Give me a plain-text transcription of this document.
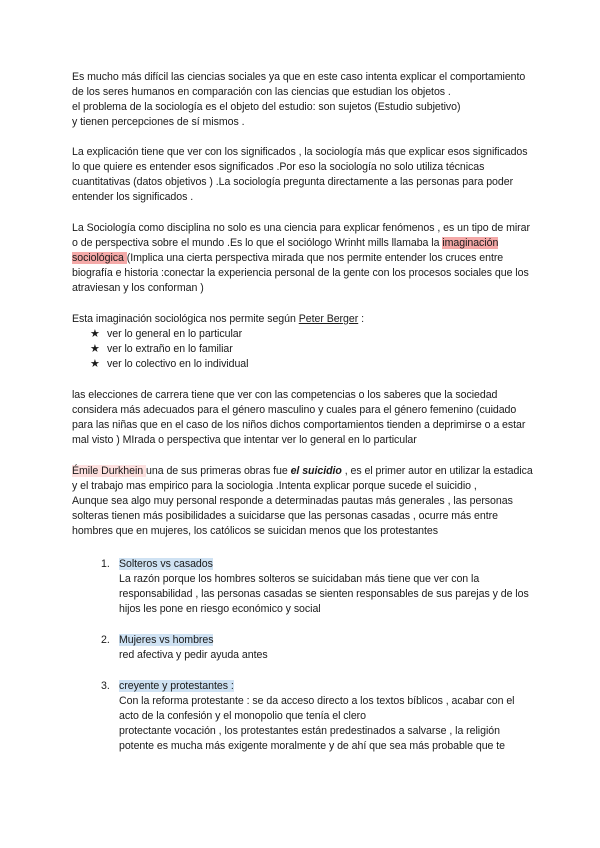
Es mucho más difícil las ciencias sociales ya que en este caso intenta explicar el comportamiento de los seres humanos en comparación con las ciencias que estudian los objetos .
el problema de la sociología es el objeto del estudio: son sujetos (Estudio subjetivo)
y tienen percepciones de sí mismos .

La explicación tiene que ver con los significados , la sociología más que explicar esos significados lo que quiere es entender esos significados .Por eso la sociología no solo utiliza técnicas cuantitativas (datos objetivos ) .La sociología pregunta directamente a las personas para poder entender los significados .

La Sociología como disciplina no solo es una ciencia para explicar fenómenos , es un tipo de mirar o de perspectiva sobre el mundo .Es lo que el sociólogo Wrinht mills llamaba la imaginación sociológica (Implica una cierta perspectiva mirada que nos permite entender los cruces entre biografía e historia :conectar la experiencia personal de la gente con los procesos sociales que los atraviesan y los conforman )

Esta imaginación sociológica nos permite según Peter Berger :

★ ver lo general en lo particular
★ ver lo extraño en lo familiar
★ ver lo colectivo en lo individual

las elecciones de carrera tiene que ver con las competencias o los saberes que la sociedad considera más adecuados para el género masculino y cuales para el género femenino (cuidado para las niñas que en el caso de los niños dichos comportamientos tienden a deprimirse o a estar mal visto ) MIrada o perspectiva que intentar ver lo general en lo particular

Émile Durkhein una de sus primeras obras fue el suicidio , es el primer autor en utilizar la estadica y el trabajo mas empirico para la sociologia .Intenta explicar porque sucede el suicidio ,
Aunque sea algo muy personal responde a determinadas pautas más generales , las personas solteras tienen más posibilidades a suicidarse que las personas casadas , ocurre más entre hombres que en mujeres, los católicos se suicidan menos que los protestantes

1. Solteros vs casados
La razón porque los hombres solteros se suicidaban más tiene que ver con la responsabilidad , las personas casadas se sienten responsables de sus parejas y de los hijos les pone en riesgo económico y social
2. Mujeres vs hombres
red afectiva y pedir ayuda antes
3. creyente y protestantes :
Con la reforma protestante : se da acceso directo a los textos bíblicos , acabar con el acto de la confesión y el monopolio que tenía el clero
protectante vocación , los protestantes están predestinados a salvarse , la religión potente es mucha más exigente moralmente y de ahí que sea más probable que te
